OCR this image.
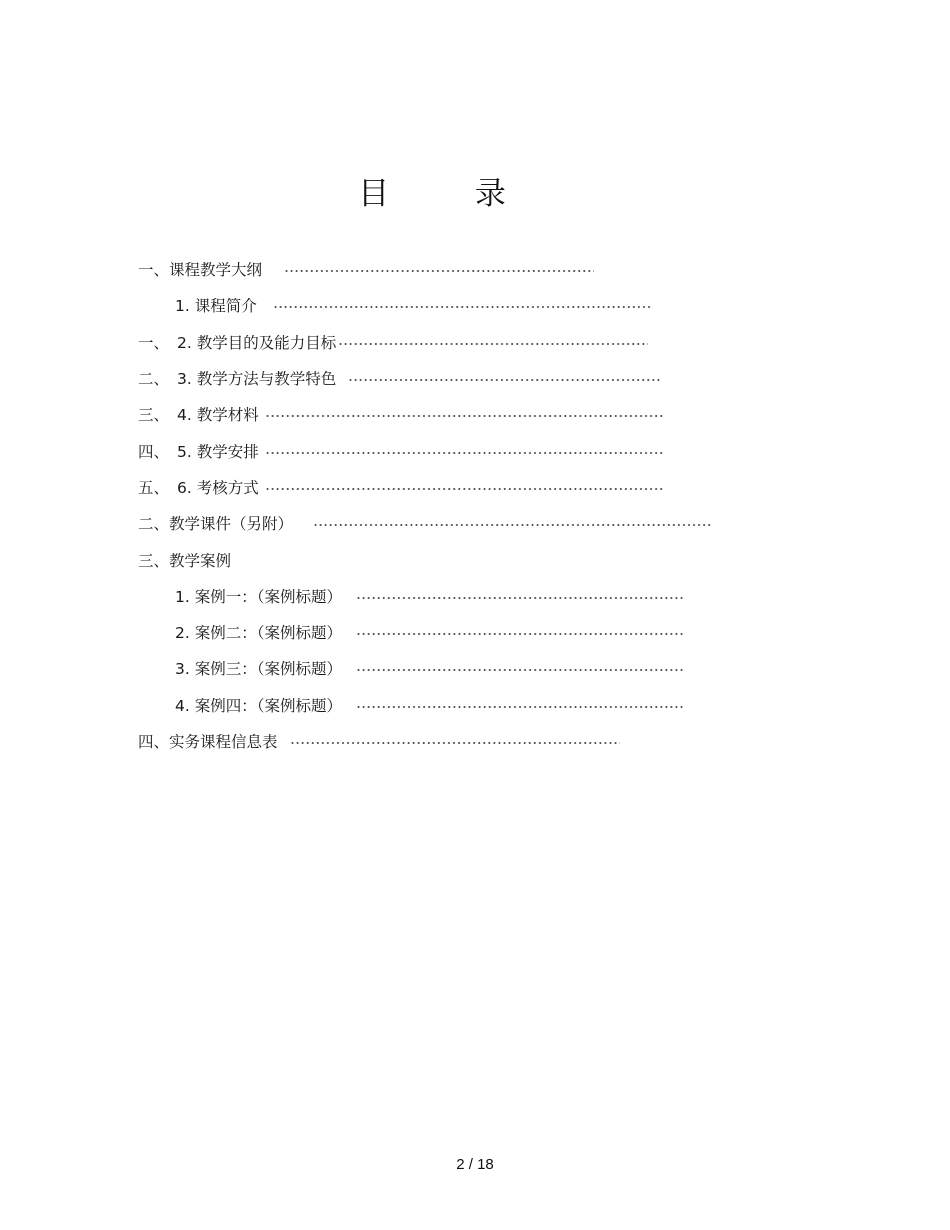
目 录
一、课程教学大纲
1. 课程简介
一、 2. 教学目的及能力目标
二、 3. 教学方法与教学特色
三、 4. 教学材料
四、 5. 教学安排
五、 6. 考核方式
二、教学课件（另附）
三、教学案例
1. 案例一：（案例标题）
2. 案例二：（案例标题）
3. 案例三：（案例标题）
4. 案例四：（案例标题）
四、实务课程信息表
2 / 18
